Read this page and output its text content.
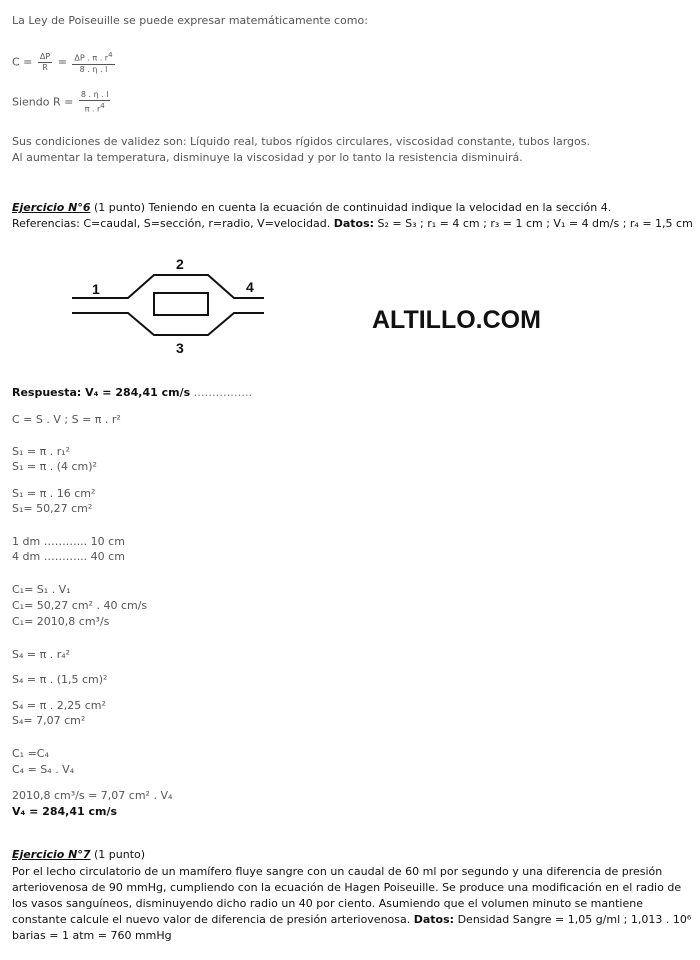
La Ley de Poiseuille se puede expresar matemáticamente como:
$C = \frac{\Delta P}{R} = \frac{\Delta P . \pi . r^4}{8 . \eta . l}$
Siendo $R = \frac{8 . \eta . l}{\pi . r^4}$
Sus condiciones de validez son: Líquido real, tubos rígidos circulares, viscosidad constante, tubos largos.
Al aumentar la temperatura, disminuye la viscosidad y por lo tanto la resistencia disminuirá.
Ejercicio N°6 (1 punto) Teniendo en cuenta la ecuación de continuidad indique la velocidad en la sección 4.
Referencias: C=caudal, S=sección, r=radio, V=velocidad. Datos: S₂ = S₃ ; r₁ = 4 cm ; r₃ = 1 cm ; V₁ = 4 dm/s ; r₄ = 1,5 cm
1
2
3
4
ALTILLO.COM
Respuesta: V₄ = 284,41 cm/s …………….
C = S . V ; S = π . r²
S₁ = π . r₁²
S₁ = π . (4 cm)²
S₁ = π . 16 cm²
S₁= 50,27 cm²
1 dm ………... 10 cm
4 dm ………... 40 cm
C₁= S₁ . V₁
C₁= 50,27 cm² . 40 cm/s
C₁= 2010,8 cm³/s
S₄ = π . r₄²
S₄ = π . (1,5 cm)²
S₄ = π . 2,25 cm²
S₄= 7,07 cm²
C₁ =C₄
C₄ = S₄ . V₄
2010,8 cm³/s = 7,07 cm² . V₄
V₄ = 284,41 cm/s
Ejercicio N°7 (1 punto)
Por el lecho circulatorio de un mamífero fluye sangre con un caudal de 60 ml por segundo y una diferencia de presión arteriovenosa de 90 mmHg, cumpliendo con la ecuación de Hagen Poiseuille. Se produce una modificación en el radio de los vasos sanguíneos, disminuyendo dicho radio un 40 por ciento. Asumiendo que el volumen minuto se mantiene constante calcule el nuevo valor de diferencia de presión arteriovenosa. Datos: Densidad Sangre = 1,05 g/ml ; 1,013 . 10⁶ barias = 1 atm = 760 mmHg
